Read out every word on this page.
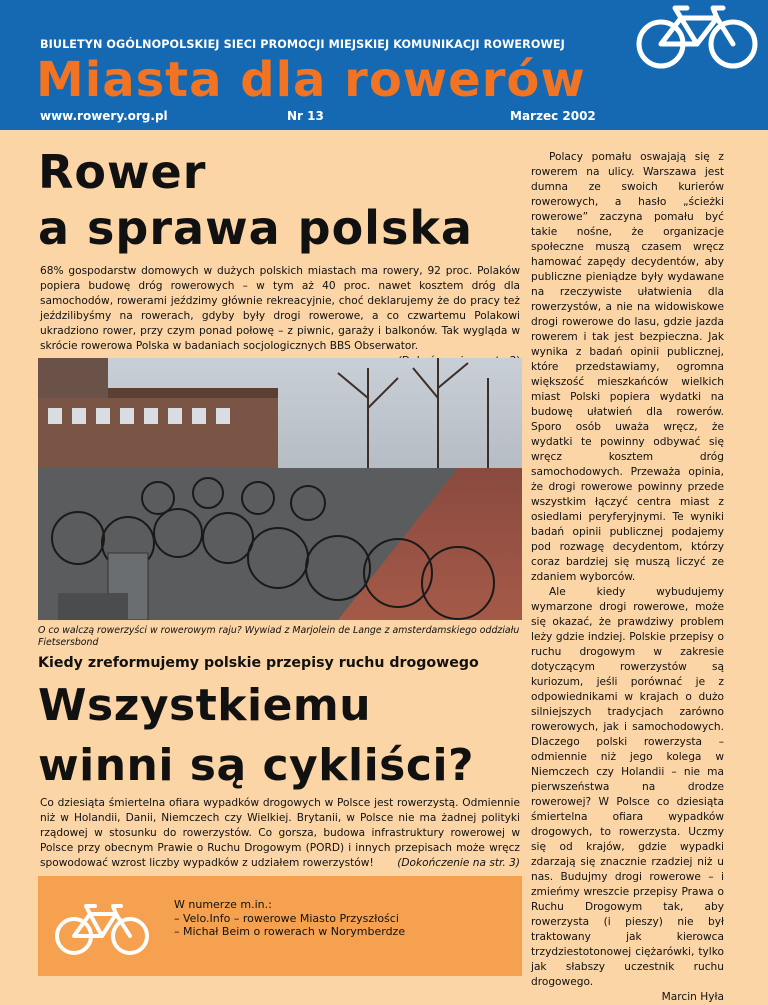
BIULETYN OGÓLNOPOLSKIEJ SIECI PROMOCJI MIEJSKIEJ KOMUNIKACJI ROWEROWEJ
Miasta dla rowerów
www.rowery.org.pl	Nr 13	Marzec 2002
Rower
a sprawa polska
68% gospodarstw domowych w dużych polskich miastach ma rowery, 92 proc. Polaków popiera budowę dróg rowerowych – w tym aż 40 proc. nawet kosztem dróg dla samochodów, rowerami jeździmy głównie rekreacyjnie, choć deklarujemy że do pracy też jeździlibyśmy na rowerach, gdyby były drogi rowerowe, a co czwartemu Polakowi ukradziono rower, przy czym ponad połowę – z piwnic, garaży i balkonów. Tak wygląda w skrócie rowerowa Polska w badaniach socjologicznych BBS Obserwator.
O co walczą rowerzyści w rowerowym raju? Wywiad z Marjolein de Lange z amsterdamskiego oddziału Fietsersbond
Kiedy zreformujemy polskie przepisy ruchu drogowego
Wszystkiemu
winni są cykliści?
Co dziesiąta śmiertelna ofiara wypadków drogowych w Polsce jest rowerzystą. Odmiennie niż w Holandii, Danii, Niemczech czy Wielkiej. Brytanii, w Polsce nie ma żadnej polityki rządowej w stosunku do rowerzystów. Co gorsza, budowa infrastruktury rowerowej w Polsce przy obecnym Prawie o Ruchu Drogowym (PORD) i innych przepisach może wręcz spowodować wzrost liczby wypadków z udziałem rowerzystów! (Dokończenie na str. 3)
W numerze m.in.:
– Velo.Info – rowerowe Miasto Przyszłości
– Michał Beim o rowerach w Norymberdze

Polacy pomału oswajają się z rowerem na ulicy. Warszawa jest dumna ze swoich kurierów rowerowych, a hasło „ścieżki rowerowe” zaczyna pomału być takie nośne, że organizacje społeczne muszą czasem wręcz hamować zapędy decydentów, aby publiczne pieniądze były wydawane na rzeczywiste ułatwienia dla rowerzystów, a nie na widowiskowe drogi rowerowe do lasu, gdzie jazda rowerem i tak jest bezpieczna. Jak wynika z badań opinii publicznej, które przedstawiamy, ogromna większość mieszkańców wielkich miast Polski popiera wydatki na budowę ułatwień dla rowerów. Sporo osób uważa wręcz, że wydatki te powinny odbywać się wręcz kosztem dróg samochodowych. Przeważa opinia, że drogi rowerowe powinny przede wszystkim łączyć centra miast z osiedlami peryferyjnymi. Te wyniki badań opinii publicznej podajemy pod rozwagę decydentom, którzy coraz bardziej się muszą liczyć ze zdaniem wyborców.

Ale kiedy wybudujemy wymarzone drogi rowerowe, może się okazać, że prawdziwy problem leży gdzie indziej. Polskie przepisy o ruchu drogowym w zakresie dotyczącym rowerzystów są kuriozum, jeśli porównać je z odpowiednikami w krajach o dużo silniejszych tradycjach zarówno rowerowych, jak i samochodowych. Dlaczego polski rowerzysta – odmiennie niż jego kolega w Niemczech czy Holandii – nie ma pierwszeństwa na drodze rowerowej? W Polsce co dziesiąta śmiertelna ofiara wypadków drogowych, to rowerzysta. Uczmy się od krajów, gdzie wypadki zdarzają się znacznie rzadziej niż u nas. Budujmy drogi rowerowe – i zmieńmy wreszcie przepisy Prawa o Ruchu Drogowym tak, aby rowerzysta (i pieszy) nie był traktowany jak kierowca trzydziestotonowej ciężarówki, tylko jak słabszy uczestnik ruchu drogowego.

Marcin Hyła
